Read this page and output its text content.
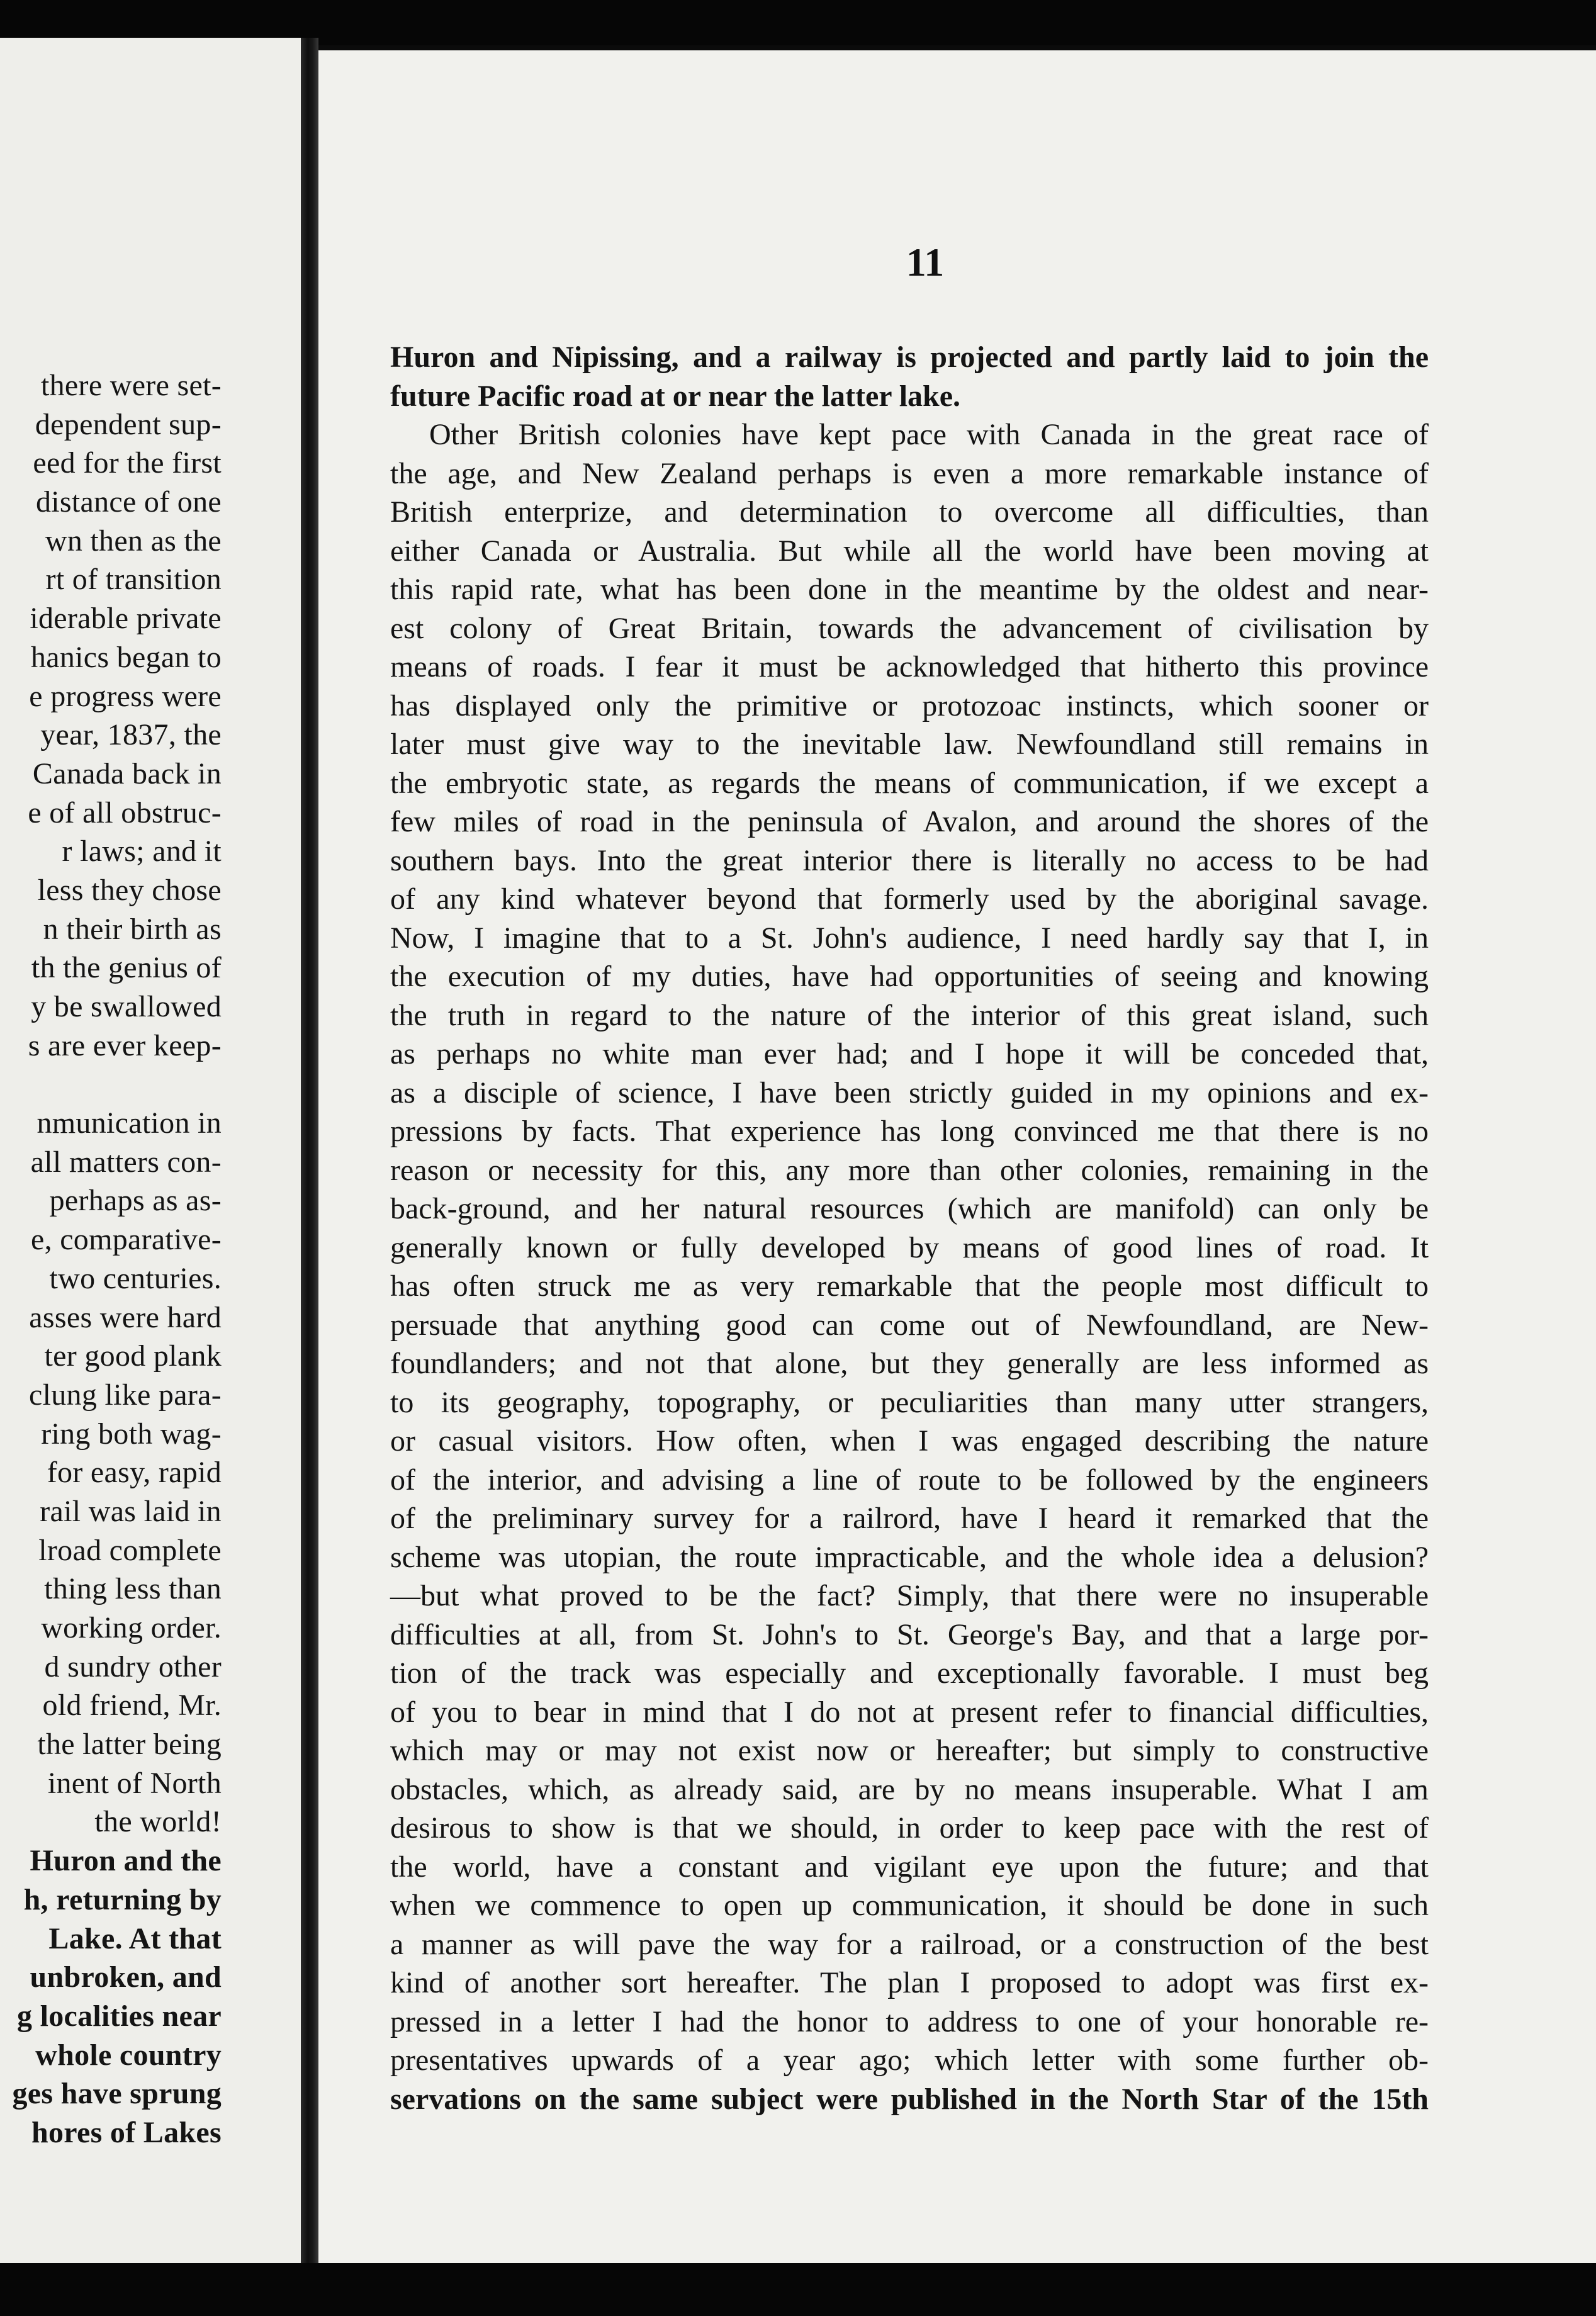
there were set-
dependent sup-
eed for the first
distance of one
wn then as the
rt of transition
iderable private
hanics began to
e progress were
year, 1837, the
Canada back in
e of all obstruc-
r laws; and it
less they chose
n their birth as
th the genius of
y be swallowed
s are ever keep-
nmunication in
all matters con-
perhaps as as-
e, comparative-
two centuries.
asses were hard
ter good plank
clung like para-
ring both wag-
for easy, rapid
rail was laid in
lroad complete
thing less than
working order.
d sundry other
old friend, Mr.
the latter being
inent of North
the world!
Huron and the
h, returning by
Lake. At that
unbroken, and
g localities near
whole country
ges have sprung
hores of Lakes
11
Huron and Nipissing, and a railway is projected and partly laid to join the
future Pacific road at or near the latter lake.
Other British colonies have kept pace with Canada in the great race of
the age, and New Zealand perhaps is even a more remarkable instance of
British enterprize, and determination to overcome all difficulties, than
either Canada or Australia. But while all the world have been moving at
this rapid rate, what has been done in the meantime by the oldest and near-
est colony of Great Britain, towards the advancement of civilisation by
means of roads. I fear it must be acknowledged that hitherto this province
has displayed only the primitive or protozoac instincts, which sooner or
later must give way to the inevitable law. Newfoundland still remains in
the embryotic state, as regards the means of communication, if we except a
few miles of road in the peninsula of Avalon, and around the shores of the
southern bays. Into the great interior there is literally no access to be had
of any kind whatever beyond that formerly used by the aboriginal savage.
Now, I imagine that to a St. John's audience, I need hardly say that I, in
the execution of my duties, have had opportunities of seeing and knowing
the truth in regard to the nature of the interior of this great island, such
as perhaps no white man ever had; and I hope it will be conceded that,
as a disciple of science, I have been strictly guided in my opinions and ex-
pressions by facts. That experience has long convinced me that there is no
reason or necessity for this, any more than other colonies, remaining in the
back-ground, and her natural resources (which are manifold) can only be
generally known or fully developed by means of good lines of road. It
has often struck me as very remarkable that the people most difficult to
persuade that anything good can come out of Newfoundland, are New-
foundlanders; and not that alone, but they generally are less informed as
to its geography, topography, or peculiarities than many utter strangers,
or casual visitors. How often, when I was engaged describing the nature
of the interior, and advising a line of route to be followed by the engineers
of the preliminary survey for a railrord, have I heard it remarked that the
scheme was utopian, the route impracticable, and the whole idea a delusion?
—but what proved to be the fact? Simply, that there were no insuperable
difficulties at all, from St. John's to St. George's Bay, and that a large por-
tion of the track was especially and exceptionally favorable. I must beg
of you to bear in mind that I do not at present refer to financial difficulties,
which may or may not exist now or hereafter; but simply to constructive
obstacles, which, as already said, are by no means insuperable. What I am
desirous to show is that we should, in order to keep pace with the rest of
the world, have a constant and vigilant eye upon the future; and that
when we commence to open up communication, it should be done in such
a manner as will pave the way for a railroad, or a construction of the best
kind of another sort hereafter. The plan I proposed to adopt was first ex-
pressed in a letter I had the honor to address to one of your honorable re-
presentatives upwards of a year ago; which letter with some further ob-
servations on the same subject were published in the North Star of the 15th
